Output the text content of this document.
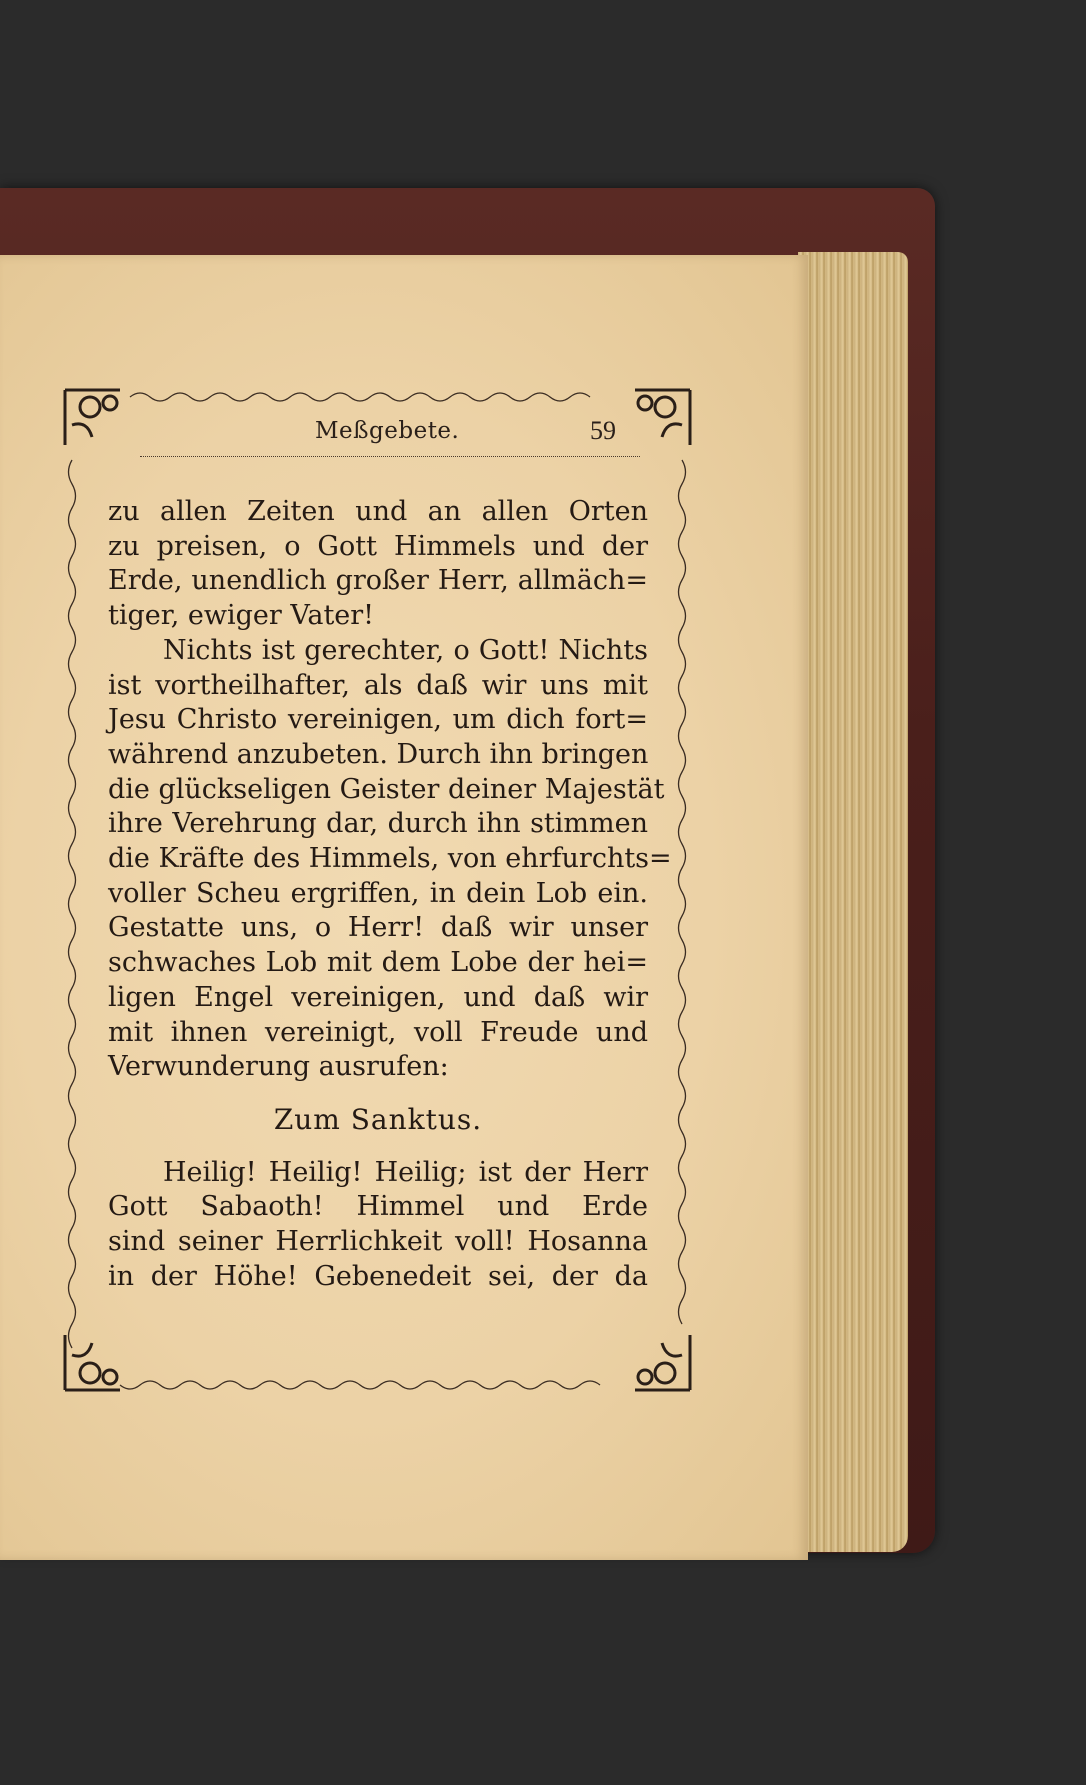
Meßgebete.	59
zu allen Zeiten und an allen Orten
zu preisen, o Gott Himmels und der
Erde, unendlich großer Herr, allmäch=
tiger, ewiger Vater!
Nichts ist gerechter, o Gott! Nichts
ist vortheilhafter, als daß wir uns mit
Jesu Christo vereinigen, um dich fort=
während anzubeten. Durch ihn bringen
die glückseligen Geister deiner Majestät
ihre Verehrung dar, durch ihn stimmen
die Kräfte des Himmels, von ehrfurchts=
voller Scheu ergriffen, in dein Lob ein.
Gestatte uns, o Herr! daß wir unser
schwaches Lob mit dem Lobe der hei=
ligen Engel vereinigen, und daß wir
mit ihnen vereinigt, voll Freude und
Verwunderung ausrufen:
Zum Sanktus.
Heilig! Heilig! Heilig; ist der Herr
Gott Sabaoth! Himmel und Erde
sind seiner Herrlichkeit voll! Hosanna
in der Höhe! Gebenedeit sei, der da
